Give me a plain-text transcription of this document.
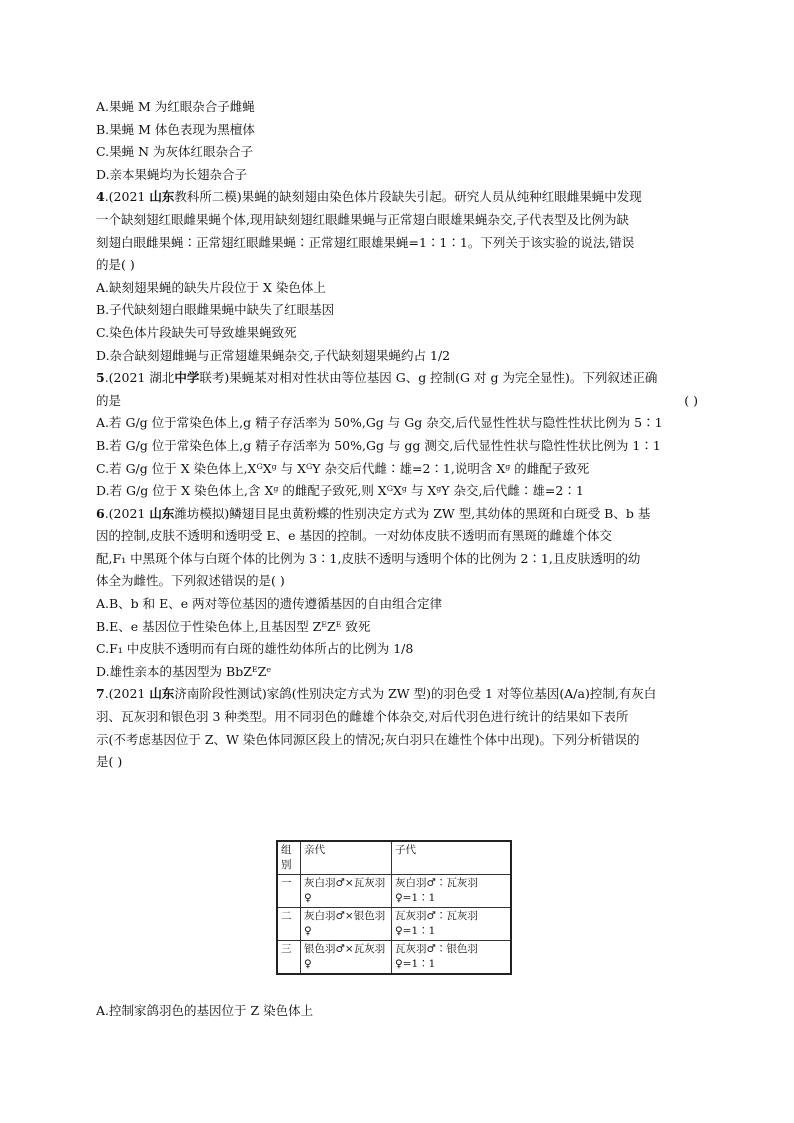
A.果蝇 M 为红眼杂合子雌蝇
B.果蝇 M 体色表现为黑檀体
C.果蝇 N 为灰体红眼杂合子
D.亲本果蝇均为长翅杂合子
4.(2021 山东教科所二模)果蝇的缺刻翅由染色体片段缺失引起。研究人员从纯种红眼雌果蝇中发现
一个缺刻翅红眼雌果蝇个体,现用缺刻翅红眼雌果蝇与正常翅白眼雄果蝇杂交,子代表型及比例为缺
刻翅白眼雌果蝇∶正常翅红眼雌果蝇∶正常翅红眼雄果蝇=1∶1∶1。下列关于该实验的说法,错误
的是( )
A.缺刻翅果蝇的缺失片段位于 X 染色体上
B.子代缺刻翅白眼雌果蝇中缺失了红眼基因
C.染色体片段缺失可导致雄果蝇致死
D.杂合缺刻翅雌蝇与正常翅雄果蝇杂交,子代缺刻翅果蝇约占 1/2
5.(2021 湖北中学联考)果蝇某对相对性状由等位基因 G、g 控制(G 对 g 为完全显性)。下列叙述正确
的是	( )
A.若 G/g 位于常染色体上,g 精子存活率为 50%,Gg 与 Gg 杂交,后代显性性状与隐性性状比例为 5∶1
B.若 G/g 位于常染色体上,g 精子存活率为 50%,Gg 与 gg 测交,后代显性性状与隐性性状比例为 1∶1
C.若 G/g 位于 X 染色体上,XᴳXᵍ 与 XᴳY 杂交后代雌∶雄=2∶1,说明含 Xᵍ 的雌配子致死
D.若 G/g 位于 X 染色体上,含 Xᵍ 的雌配子致死,则 XᴳXᵍ 与 XᵍY 杂交,后代雌∶雄=2∶1
6.(2021 山东潍坊模拟)鳞翅目昆虫黄粉蝶的性别决定方式为 ZW 型,其幼体的黑斑和白斑受 B、b 基
因的控制,皮肤不透明和透明受 E、e 基因的控制。一对幼体皮肤不透明而有黑斑的雌雄个体交
配,F₁ 中黑斑个体与白斑个体的比例为 3∶1,皮肤不透明与透明个体的比例为 2∶1,且皮肤透明的幼
体全为雌性。下列叙述错误的是( )
A.B、b 和 E、e 两对等位基因的遗传遵循基因的自由组合定律
B.E、e 基因位于性染色体上,且基因型 ZᴱZᴱ 致死
C.F₁ 中皮肤不透明而有白斑的雄性幼体所占的比例为 1/8
D.雄性亲本的基因型为 BbZᴱZᵉ
7.(2021 山东济南阶段性测试)家鸽(性别决定方式为 ZW 型)的羽色受 1 对等位基因(A/a)控制,有灰白
羽、瓦灰羽和银色羽 3 种类型。用不同羽色的雌雄个体杂交,对后代羽色进行统计的结果如下表所
示(不考虑基因位于 Z、W 染色体同源区段上的情况;灰白羽只在雄性个体中出现)。下列分析错误的
是( )
组别	亲代	子代
一	灰白羽♂×瓦灰羽♀	灰白羽♂∶瓦灰羽♀=1∶1
二	灰白羽♂×银色羽♀	瓦灰羽♂∶瓦灰羽♀=1∶1
三	银色羽♂×瓦灰羽♀	瓦灰羽♂∶银色羽♀=1∶1
A.控制家鸽羽色的基因位于 Z 染色体上
